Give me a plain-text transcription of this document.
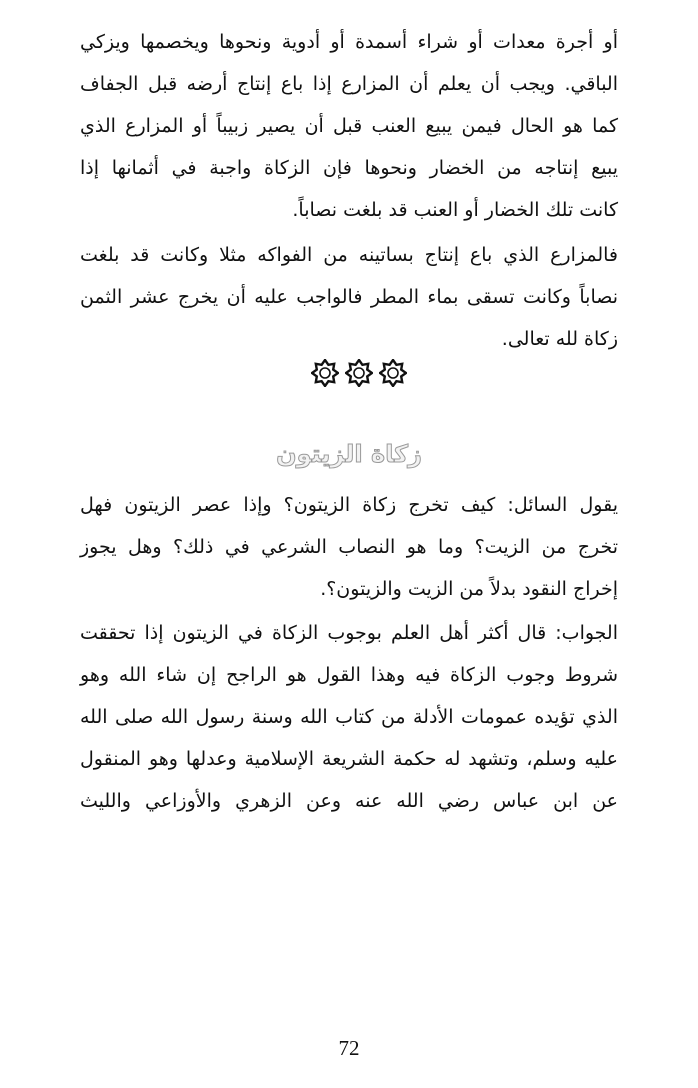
أو أجرة معدات أو شراء أسمدة أو أدوية ونحوها ويخصمها ويزكي
الباقي. ويجب أن يعلم أن المزارع إذا باع إنتاج أرضه قبل الجفاف
كما هو الحال فيمن يبيع العنب قبل أن يصير زبيباً أو المزارع الذي
يبيع إنتاجه من الخضار ونحوها فإن الزكاة واجبة في أثمانها إذا
كانت تلك الخضار أو العنب قد بلغت نصاباً.
فالمزارع الذي باع إنتاج بساتينه من الفواكه مثلا وكانت قد بلغت
نصاباً وكانت تسقى بماء المطر فالواجب عليه أن يخرج عشر الثمن
زكاة لله تعالى.
زكاة الزيتون
يقول السائل: كيف تخرج زكاة الزيتون؟ وإذا عصر الزيتون فهل
تخرج من الزيت؟ وما هو النصاب الشرعي في ذلك؟ وهل يجوز
إخراج النقود بدلاً من الزيت والزيتون؟.
الجواب: قال أكثر أهل العلم بوجوب الزكاة في الزيتون إذا تحققت
شروط وجوب الزكاة فيه وهذا القول هو الراجح إن شاء الله وهو
الذي تؤيده عمومات الأدلة من كتاب الله وسنة رسول الله صلى الله
عليه وسلم، وتشهد له حكمة الشريعة الإسلامية وعدلها وهو المنقول
عن ابن عباس رضي الله عنه وعن الزهري والأوزاعي والليث
72
